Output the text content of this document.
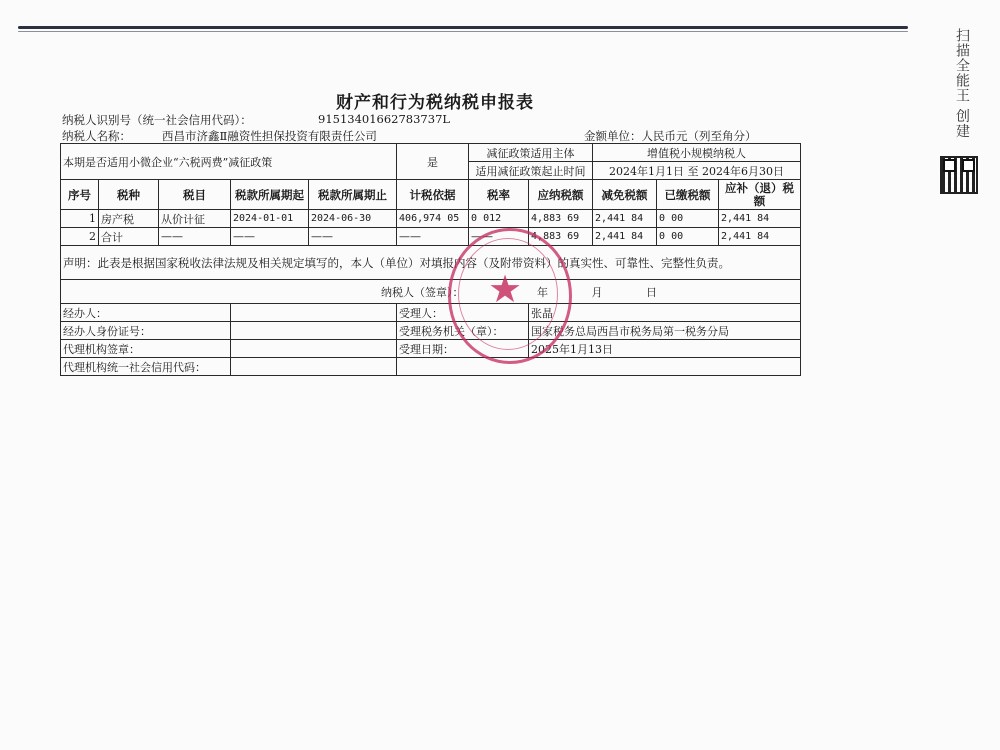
扫描全能王 创建
财产和行为税纳税申报表
纳税人识别号（统一社会信用代码）：	91513401662783737L
纳税人名称：	西昌市济鑫Ⅱ融资性担保投资有限责任公司	金额单位：人民币元（列至角分）
本期是否适用小微企业“六税两费”减征政策					是	减征政策适用主体		增值税小规模纳税人		
						适用减征政策起止时间		2024年1月1日 至 2024年6月30日		
序号	税种	税目	税款所属期起	税款所属期止	计税依据	税率	应纳税额	减免税额	已缴税额	应补（退）税额
1	房产税	从价计征	2024-01-01	2024-06-30	406,974 05	0 012	4,883 69	2,441 84	0 00	2,441 84
2	合计	——	——	——	——	——	4,883 69	2,441 84	0 00	2,441 84
声明：此表是根据国家税收法律法规及相关规定填写的，本人（单位）对填报内容（及附带资料）的真实性、可靠性、完整性负责。										
纳税人（签章）： 年 月 日										
经办人：					受理人：		张晶			
经办人身份证号：					受理税务机关（章）：		国家税务总局西昌市税务局第一税务分局			
代理机构签章：					受理日期：		2025年1月13日			
代理机构统一社会信用代码：										
★
